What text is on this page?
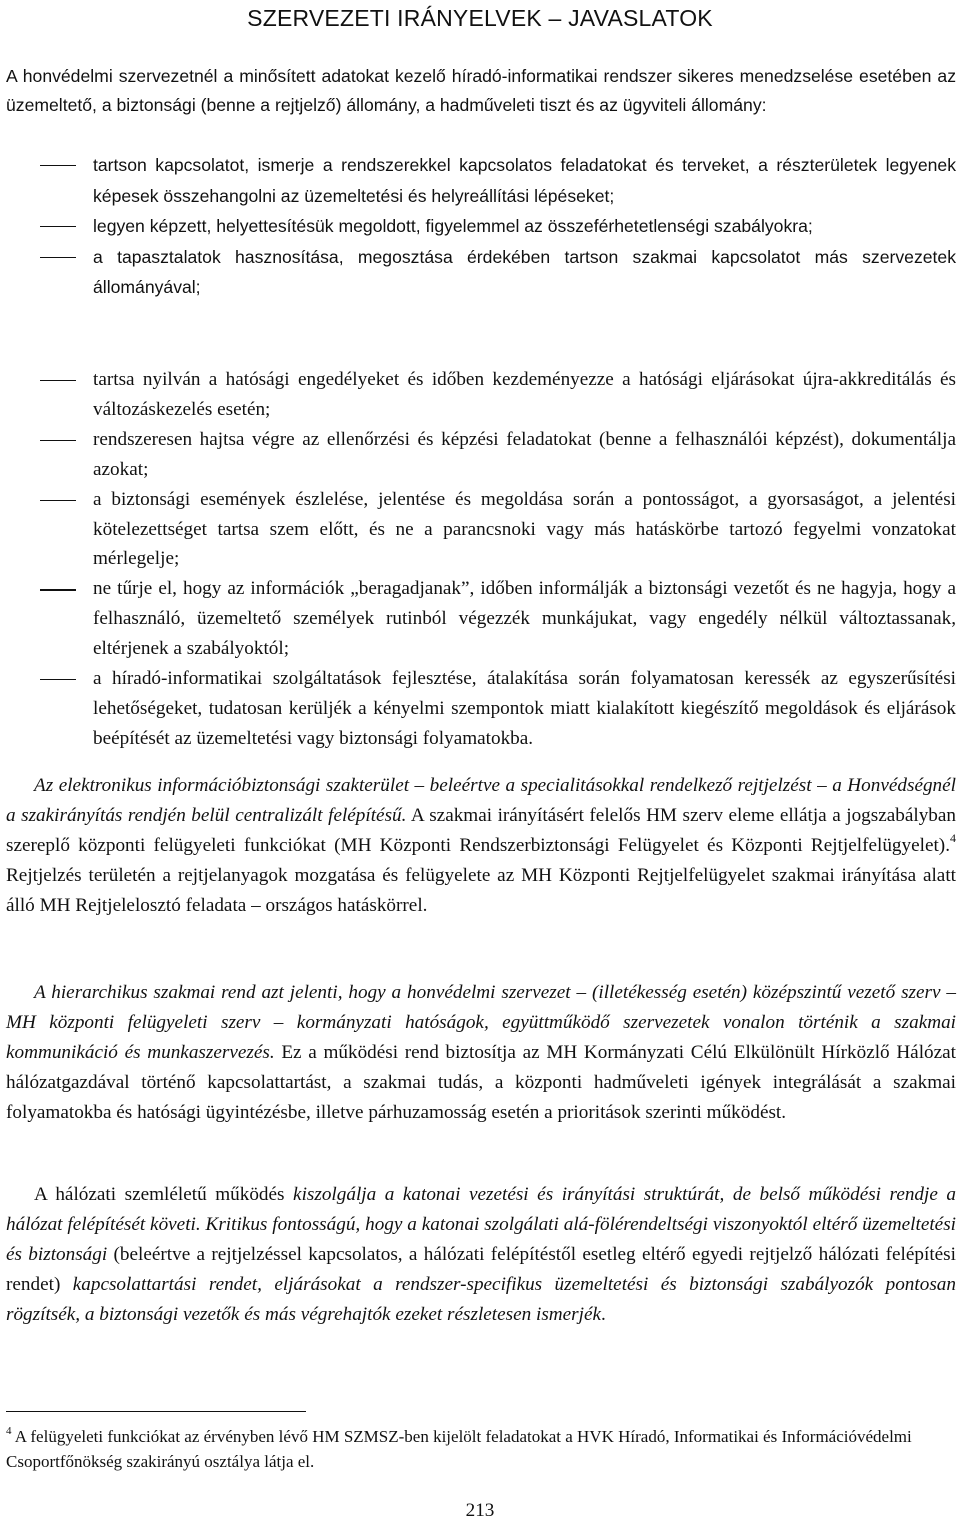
SZERVEZETI IRÁNYELVEK – JAVASLATOK
A honvédelmi szervezetnél a minősített adatokat kezelő híradó-informatikai rendszer sikeres menedzselése esetében az üzemeltető, a biztonsági (benne a rejtjelző) állomány, a hadműveleti tiszt és az ügyviteli állomány:
tartson kapcsolatot, ismerje a rendszerekkel kapcsolatos feladatokat és terveket, a részterületek legyenek képesek összehangolni az üzemeltetési és helyreállítási lépéseket;
legyen képzett, helyettesítésük megoldott, figyelemmel az összeférhetetlenségi szabályokra;
a tapasztalatok hasznosítása, megosztása érdekében tartson szakmai kapcsolatot más szervezetek állományával;
tartsa nyilván a hatósági engedélyeket és időben kezdeményezze a hatósági eljárásokat újra-akkreditálás és változáskezelés esetén;
rendszeresen hajtsa végre az ellenőrzési és képzési feladatokat (benne a felhasználói képzést), dokumentálja azokat;
a biztonsági események észlelése, jelentése és megoldása során a pontosságot, a gyorsaságot, a jelentési kötelezettséget tartsa szem előtt, és ne a parancsnoki vagy más hatáskörbe tartozó fegyelmi vonzatokat mérlegelje;
ne tűrje el, hogy az információk „beragadjanak”, időben informálják a biztonsági vezetőt és ne hagyja, hogy a felhasználó, üzemeltető személyek rutinból végezzék munkájukat, vagy engedély nélkül változtassanak, eltérjenek a szabályoktól;
a híradó-informatikai szolgáltatások fejlesztése, átalakítása során folyamatosan keressék az egyszerűsítési lehetőségeket, tudatosan kerüljék a kényelmi szempontok miatt kialakított kiegészítő megoldások és eljárások beépítését az üzemeltetési vagy biztonsági folyamatokba.

Az elektronikus információbiztonsági szakterület – beleértve a specialitásokkal rendelkező rejtjelzést – a Honvédségnél a szakirányítás rendjén belül centralizált felépítésű. A szakmai irányításért felelős HM szerv eleme ellátja a jogszabályban szereplő központi felügyeleti funkciókat (MH Központi Rendszerbiztonsági Felügyelet és Központi Rejtjelfelügyelet).$^4$ Rejtjelzés területén a rejtjelanyagok mozgatása és felügyelete az MH Központi Rejtjelfelügyelet szakmai irányítása alatt álló MH Rejtjelelosztó feladata – országos hatáskörrel.

A hierarchikus szakmai rend azt jelenti, hogy a honvédelmi szervezet – (illetékesség esetén) középszintű vezető szerv – MH központi felügyeleti szerv – kormányzati hatóságok, együttműködő szervezetek vonalon történik a szakmai kommunikáció és munkaszervezés. Ez a működési rend biztosítja az MH Kormányzati Célú Elkülönült Hírközlő Hálózat hálózatgazdával történő kapcsolattartást, a szakmai tudás, a központi hadműveleti igények integrálását a szakmai folyamatokba és hatósági ügyintézésbe, illetve párhuzamosság esetén a prioritások szerinti működést.

A hálózati szemléletű működés kiszolgálja a katonai vezetési és irányítási struktúrát, de belső működési rendje a hálózat felépítését követi. Kritikus fontosságú, hogy a katonai szolgálati alá-fölérendeltségi viszonyoktól eltérő üzemeltetési és biztonsági (beleértve a rejtjelzéssel kapcsolatos, a hálózati felépítéstől esetleg eltérő egyedi rejtjelző hálózati felépítési rendet) kapcsolattartási rendet, eljárásokat a rendszer-specifikus üzemeltetési és biztonsági szabályozók pontosan rögzítsék, a biztonsági vezetők és más végrehajtók ezeket részletesen ismerjék.

$^4$ A felügyeleti funkciókat az érvényben lévő HM SZMSZ-ben kijelölt feladatokat a HVK Híradó, Informatikai és Információvédelmi Csoportfőnökség szakirányú osztálya látja el.

213
